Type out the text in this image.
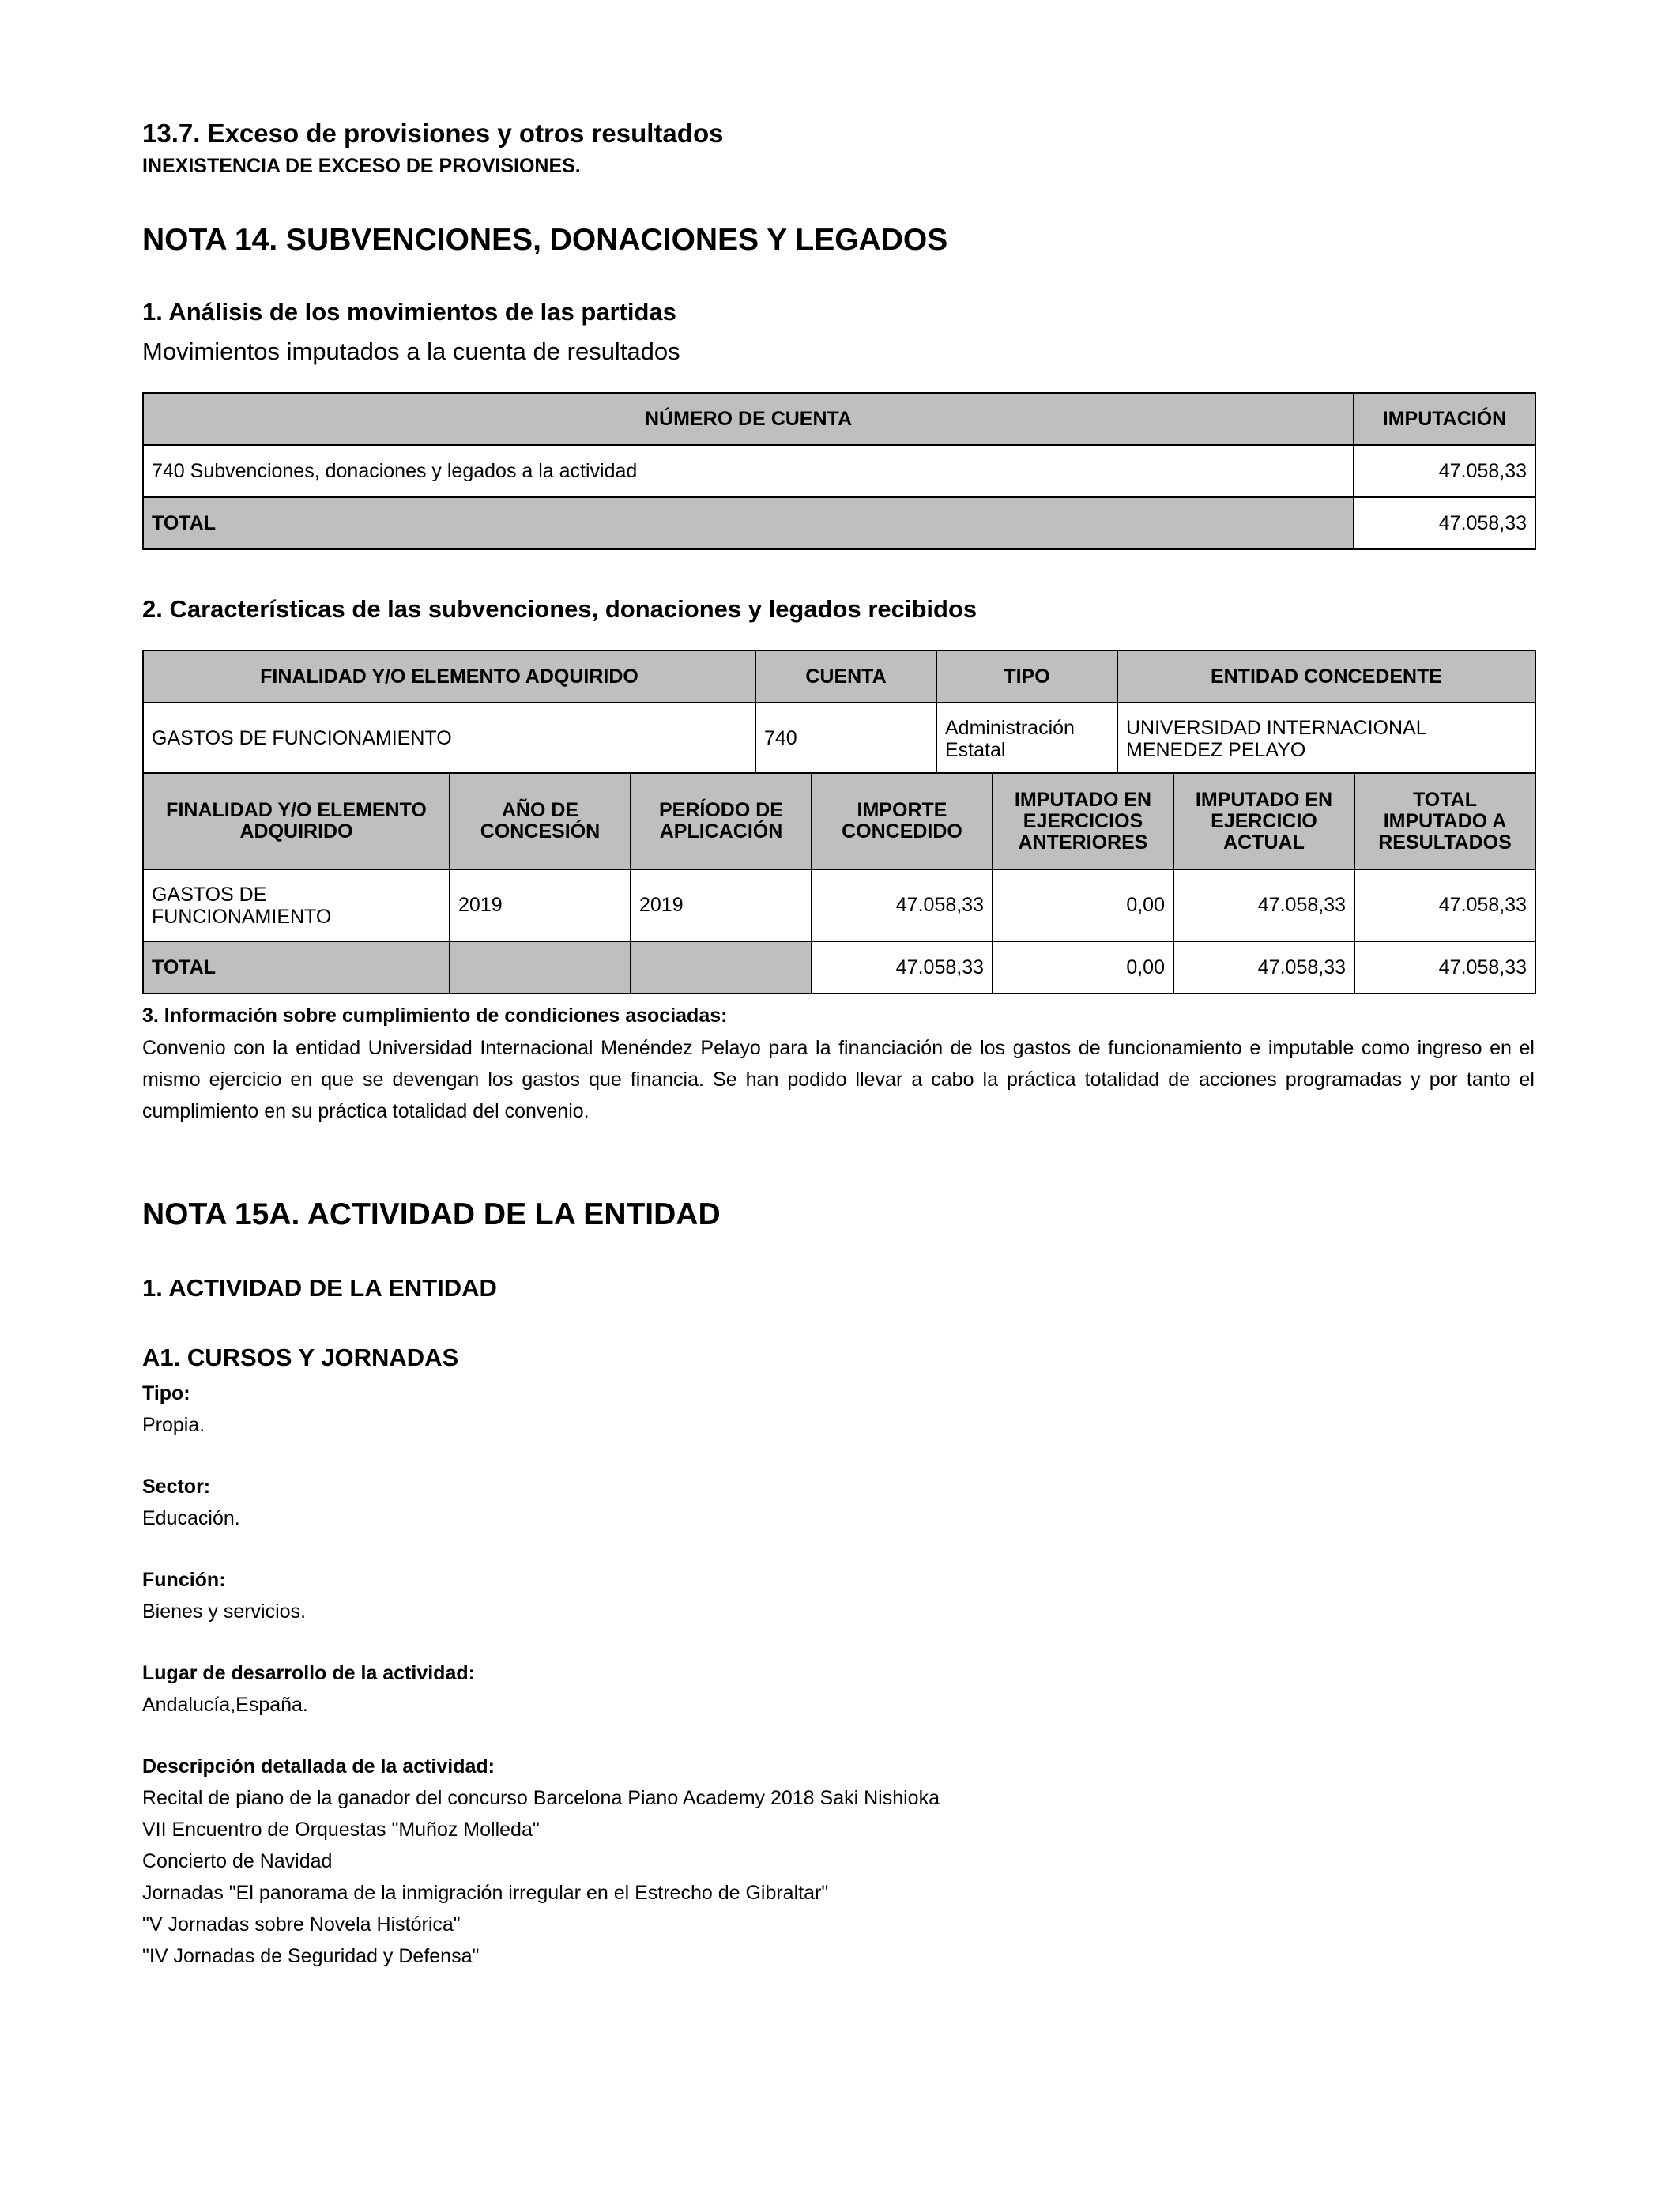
13.7. Exceso de provisiones y otros resultados
INEXISTENCIA DE EXCESO DE PROVISIONES.
NOTA 14. SUBVENCIONES, DONACIONES Y LEGADOS
1. Análisis de los movimientos de las partidas
Movimientos imputados a la cuenta de resultados
NÚMERO DE CUENTA	IMPUTACIÓN
740 Subvenciones, donaciones y legados a la actividad	47.058,33
TOTAL	47.058,33
2. Características de las subvenciones, donaciones y legados recibidos
FINALIDAD Y/O ELEMENTO ADQUIRIDO	CUENTA	TIPO	ENTIDAD CONCEDENTE
GASTOS DE FUNCIONAMIENTO	740	Administración Estatal	UNIVERSIDAD INTERNACIONAL MENEDEZ PELAYO
FINALIDAD Y/O ELEMENTO ADQUIRIDO	AÑO DE CONCESIÓN	PERÍODO DE APLICACIÓN	IMPORTE CONCEDIDO	IMPUTADO EN EJERCICIOS ANTERIORES	IMPUTADO EN EJERCICIO ACTUAL	TOTAL IMPUTADO A RESULTADOS
GASTOS DE FUNCIONAMIENTO	2019	2019	47.058,33	0,00	47.058,33	47.058,33
TOTAL			47.058,33	0,00	47.058,33	47.058,33
3. Información sobre cumplimiento de condiciones asociadas:
Convenio con la entidad Universidad Internacional Menéndez Pelayo para la financiación de los gastos de funcionamiento e imputable como ingreso en el mismo ejercicio en que se devengan los gastos que financia. Se han podido llevar a cabo la práctica totalidad de acciones programadas y por tanto el cumplimiento en su práctica totalidad del convenio.
NOTA 15A. ACTIVIDAD DE LA ENTIDAD
1. ACTIVIDAD DE LA ENTIDAD
A1. CURSOS Y JORNADAS
Tipo:
Propia.
Sector:
Educación.
Función:
Bienes y servicios.
Lugar de desarrollo de la actividad:
Andalucía,España.
Descripción detallada de la actividad:
Recital de piano de la ganador del concurso Barcelona Piano Academy 2018 Saki Nishioka
VII Encuentro de Orquestas "Muñoz Molleda"
Concierto de Navidad
Jornadas "El panorama de la inmigración irregular en el Estrecho de Gibraltar"
"V Jornadas sobre Novela Histórica"
"IV Jornadas de Seguridad y Defensa"
